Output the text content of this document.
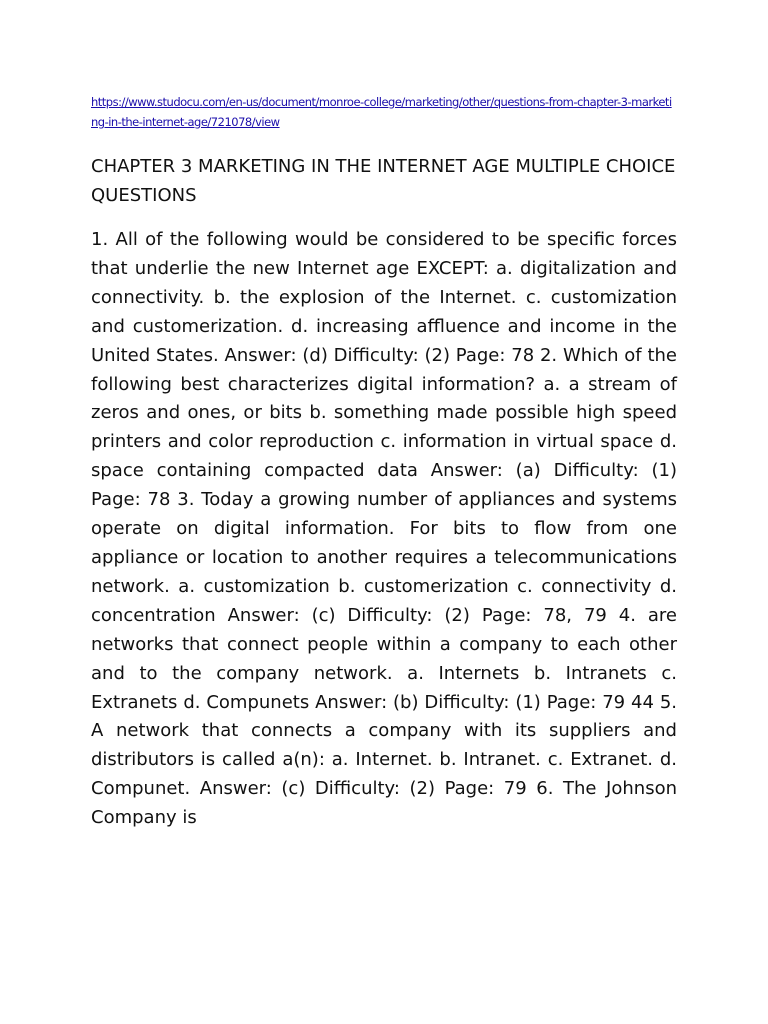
https://www.studocu.com/en-us/document/monroe-college/marketing/other/questions-from-chapter-3-marketing-in-the-internet-age/721078/view
CHAPTER 3 MARKETING IN THE INTERNET AGE MULTIPLE CHOICE QUESTIONS

1. All of the following would be considered to be specific forces that underlie the new Internet age EXCEPT: a. digitalization and connectivity. b. the explosion of the Internet. c. customization and customerization. d. increasing affluence and income in the United States. Answer: (d) Difficulty: (2) Page: 78 2. Which of the following best characterizes digital information? a. a stream of zeros and ones, or bits b. something made possible high speed printers and color reproduction c. information in virtual space d. space containing compacted data Answer: (a) Difficulty: (1) Page: 78 3. Today a growing number of appliances and systems operate on digital information. For bits to flow from one appliance or location to another requires a telecommunications network. a. customization b. customerization c. connectivity d. concentration Answer: (c) Difficulty: (2) Page: 78, 79 4. are networks that connect people within a company to each other and to the company network. a. Internets b. Intranets c. Extranets d. Compunets Answer: (b) Difficulty: (1) Page: 79 44 5. A network that connects a company with its suppliers and distributors is called a(n): a. Internet. b. Intranet. c. Extranet. d. Compunet. Answer: (c) Difficulty: (2) Page: 79 6. The Johnson Company is
